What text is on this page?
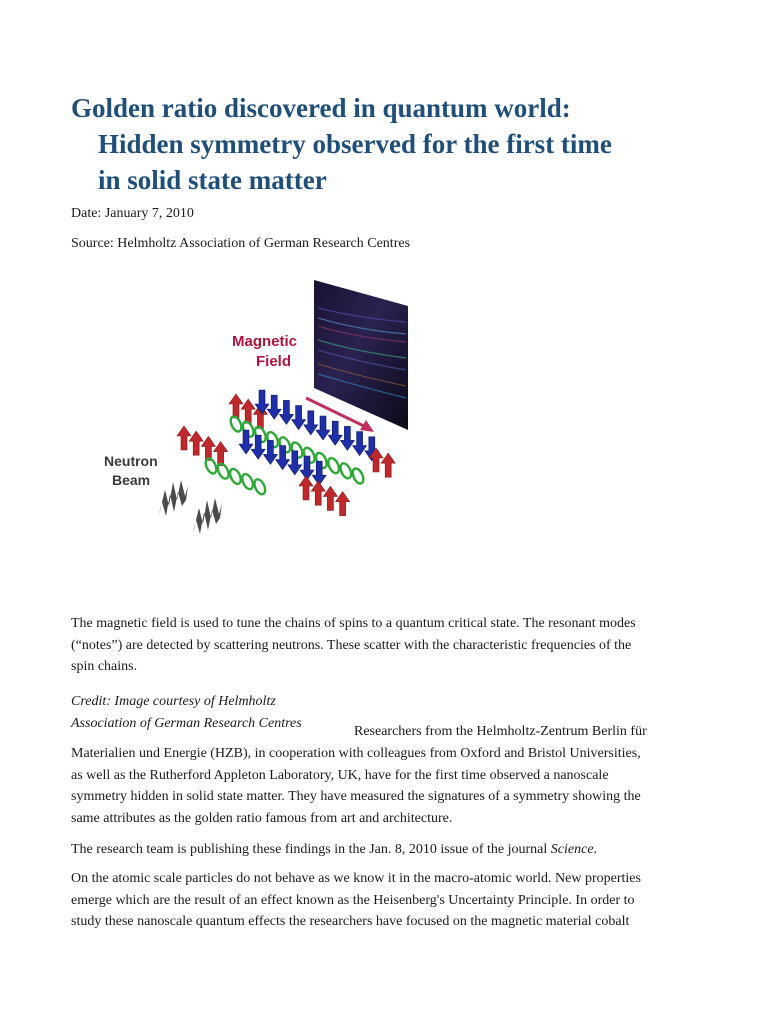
Golden ratio discovered in quantum world:
Hidden symmetry observed for the first time
in solid state matter
Date: January 7, 2010
Source: Helmholtz Association of German Research Centres
Magnetic
Field
Neutron
Beam

The magnetic field is used to tune the chains of spins to a quantum critical state. The resonant modes
(“notes”) are detected by scattering neutrons. These scatter with the characteristic frequencies of the
spin chains.

Credit: Image courtesy of Helmholtz
Association of German Research Centres
Researchers from the Helmholtz-Zentrum Berlin für

Materialien und Energie (HZB), in cooperation with colleagues from Oxford and Bristol Universities,
as well as the Rutherford Appleton Laboratory, UK, have for the first time observed a nanoscale
symmetry hidden in solid state matter. They have measured the signatures of a symmetry showing the
same attributes as the golden ratio famous from art and architecture.

The research team is publishing these findings in the Jan. 8, 2010 issue of the journal Science.

On the atomic scale particles do not behave as we know it in the macro-atomic world. New properties
emerge which are the result of an effect known as the Heisenberg's Uncertainty Principle. In order to
study these nanoscale quantum effects the researchers have focused on the magnetic material cobalt
